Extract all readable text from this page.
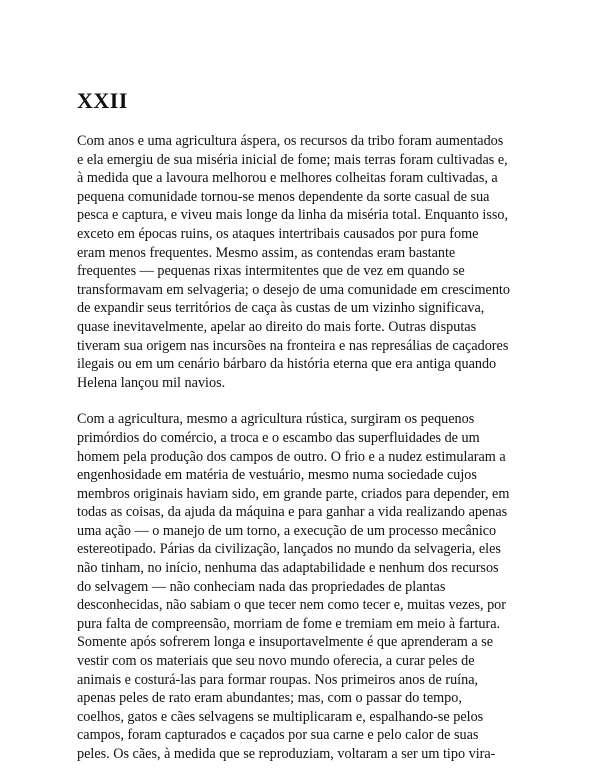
XXII

Com anos e uma agricultura áspera, os recursos da tribo foram aumentados
e ela emergiu de sua miséria inicial de fome; mais terras foram cultivadas e,
à medida que a lavoura melhorou e melhores colheitas foram cultivadas, a
pequena comunidade tornou-se menos dependente da sorte casual de sua
pesca e captura, e viveu mais longe da linha da miséria total. Enquanto isso,
exceto em épocas ruins, os ataques intertribais causados por pura fome
eram menos frequentes. Mesmo assim, as contendas eram bastante
frequentes — pequenas rixas intermitentes que de vez em quando se
transformavam em selvageria; o desejo de uma comunidade em crescimento
de expandir seus territórios de caça às custas de um vizinho significava,
quase inevitavelmente, apelar ao direito do mais forte. Outras disputas
tiveram sua origem nas incursões na fronteira e nas represálias de caçadores
ilegais ou em um cenário bárbaro da história eterna que era antiga quando
Helena lançou mil navios.

Com a agricultura, mesmo a agricultura rústica, surgiram os pequenos
primórdios do comércio, a troca e o escambo das superfluidades de um
homem pela produção dos campos de outro. O frio e a nudez estimularam a
engenhosidade em matéria de vestuário, mesmo numa sociedade cujos
membros originais haviam sido, em grande parte, criados para depender, em
todas as coisas, da ajuda da máquina e para ganhar a vida realizando apenas
uma ação — o manejo de um torno, a execução de um processo mecânico
estereotipado. Párias da civilização, lançados no mundo da selvageria, eles
não tinham, no início, nenhuma das adaptabilidade e nenhum dos recursos
do selvagem — não conheciam nada das propriedades de plantas
desconhecidas, não sabiam o que tecer nem como tecer e, muitas vezes, por
pura falta de compreensão, morriam de fome e tremiam em meio à fartura.
Somente após sofrerem longa e insuportavelmente é que aprenderam a se
vestir com os materiais que seu novo mundo oferecia, a curar peles de
animais e costurá-las para formar roupas. Nos primeiros anos de ruína,
apenas peles de rato eram abundantes; mas, com o passar do tempo,
coelhos, gatos e cães selvagens se multiplicaram e, espalhando-se pelos
campos, foram capturados e caçados por sua carne e pelo calor de suas
peles. Os cães, à medida que se reproduziam, voltaram a ser um tipo vira-
